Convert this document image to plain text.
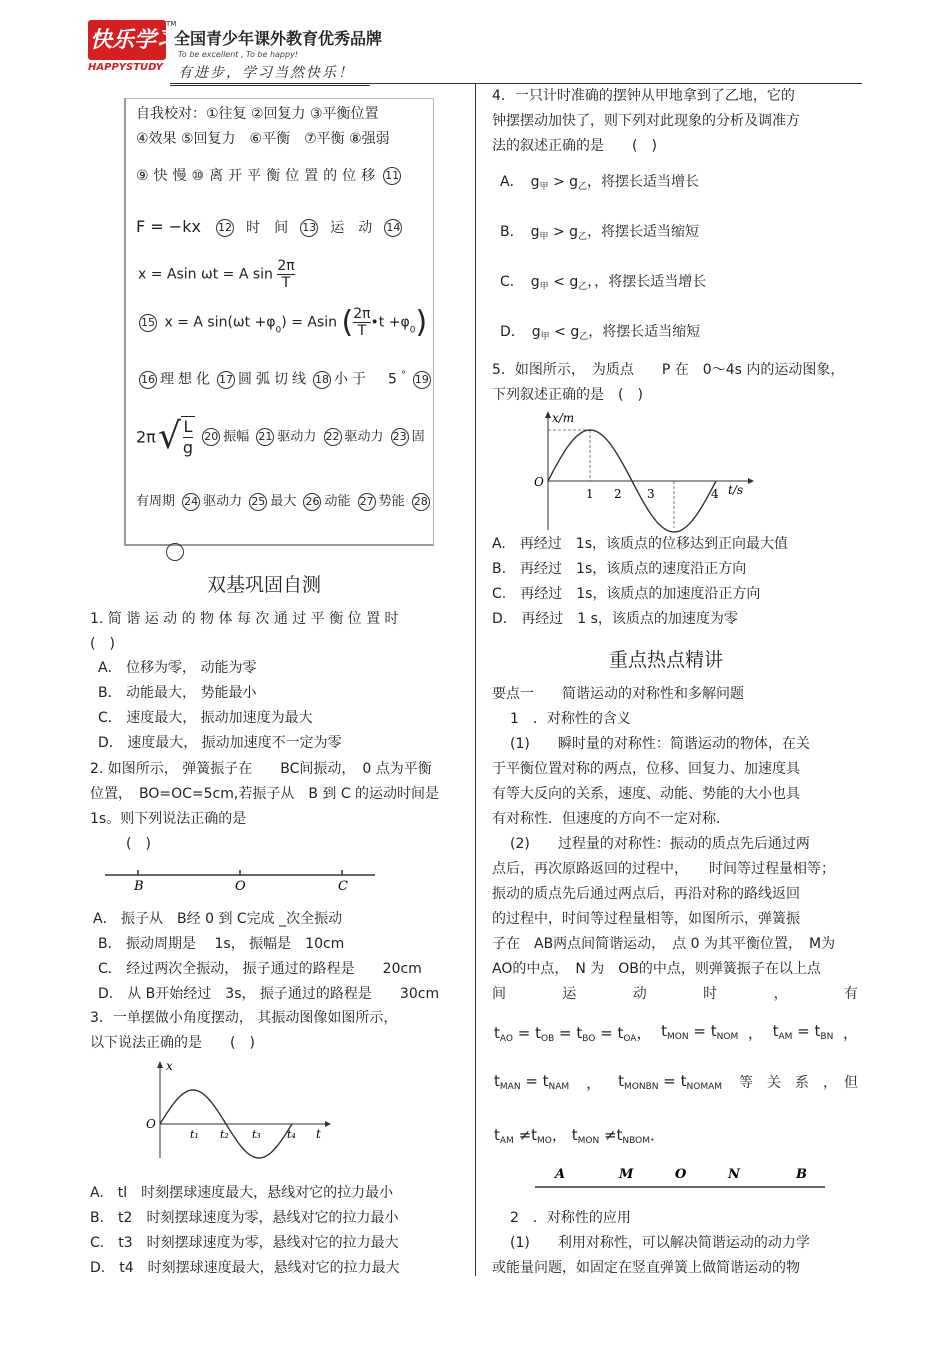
快乐学习
HAPPYSTUDY
TM
全国青少年课外教育优秀品牌
To be excellent , To be happy!
有进步，学习当然快乐！
自我校对：①往复 ②回复力 ③平衡位置
④效果 ⑤回复力　⑥平衡　⑦平衡 ⑧强弱
⑨快慢⑩离开平衡位置的位移 11
F = −kx 12 时　间 13 运　动 14
x = Asin ωt = A $\sin \frac{2\pi}{T}$
15 x = A $\sin(\omega t +\varphi_0) = Asin$ ( $\frac{2\pi}{T}$ •t $+\varphi_0$)
16 理想化 17 圆弧切线 18 小于　5° 19
2π √ $\frac{L}{g} 20$ 振幅 21 驱动力 22 驱动力 23 固
有周期 24 驱动力 25 最大 26 动能 27 势能 28
双基巩固自测
1. 简 谐 运 动 的 物 体 每 次 通 过 平 衡 位 置 时
(　)
A． 位移为零， 动能为零
B． 动能最大， 势能最小
C． 速度最大， 振动加速度为最大
D． 速度最大， 振动加速度不一定为零
2. 如图所示， 弹簧振子在　　BC间振动，　0 点为平衡
位置，　BO=OC=5cm,若振子从　B 到 C 的运动时间是
1s。则下列说法正确的是
(　)
B	O	C
A． 振子从　B经 0 到 C完成 _次全振动
B． 振动周期是　 1s， 振幅是　10cm
C． 经过两次全振动， 振子通过的路程是　　20cm
D． 从 B开始经过　3s， 振子通过的路程是　　30cm
3．一单摆做小角度摆动， 其振动图像如图所示，
以下说法正确的是　　(　)
x
O
t
t₁ t₂ t₃ t₄
A.　tl　时刻摆球速度最大，悬线对它的拉力最小
B.　t2　时刻摆球速度为零，悬线对它的拉力最小
C.　t3　时刻摆球速度为零，悬线对它的拉力最大
D.　t4　时刻摆球速度最大，悬线对它的拉力最大
4．一只计时准确的摆钟从甲地拿到了乙地，它的
钟摆摆动加快了，则下列对此现象的分析及调准方
法的叙述正确的是　　(　)
A．　 $g_甲 > g_乙$，将摆长适当增长
B．　 $g_甲 > g_乙$，将摆长适当缩短
C．　 $g_甲 < g_乙$，，将摆长适当增长
D．　 $g_甲 < g_乙$，将摆长适当缩短
5．如图所示，　为质点　　P 在　0～4s 内的运动图象，
下列叙述正确的是　(　)
x/m
O
t/s
1 2 3	4
A.　再经过　1s，该质点的位移达到正向最大值
B.　再经过　1s，该质点的速度沿正方向
C.　再经过　1s，该质点的加速度沿正方向
D.　再经过　1 s，该质点的加速度为零
重点热点精讲
要点一　　简谐运动的对称性和多解问题
1　．对称性的含义
(1)　　瞬时量的对称性：简谐运动的物体，在关
于平衡位置对称的两点，位移、回复力、加速度具
有等大反向的关系，速度、动能、势能的大小也具
有对称性．但速度的方向不一定对称．
(2)　　过程量的对称性：振动的质点先后通过两
点后，再次原路返回的过程中，　　时间等过程量相等；
振动的质点先后通过两点后，再沿对称的路线返回
的过程中，时间等过程量相等，如图所示，弹簧振
子在　AB两点间简谐运动，　点 0 为其平衡位置，　M为
AO的中点，　N 为　OB的中点，则弹簧振子在以上点
间	运	动	时	，	有
$t_{AO} = t_{OB} = t_{BO} = t_{OA}$， $t_{MON} = t_{NOM}$ ， $t_{AM} = t_{BN}$ ，
$t_{MAN} = t_{NAM}$ ， $t_{MONBN} = t_{NOMAM}$ 等　关　系　，　但
$t_{AM} \ne t_{MO}$， $t_{MON} \ne t_{NBOM}$．
A	M	O	N	B
2　．对称性的应用
(1)　　利用对称性，可以解决简谐运动的动力学
或能量问题，如固定在竖直弹簧上做简谐运动的物
